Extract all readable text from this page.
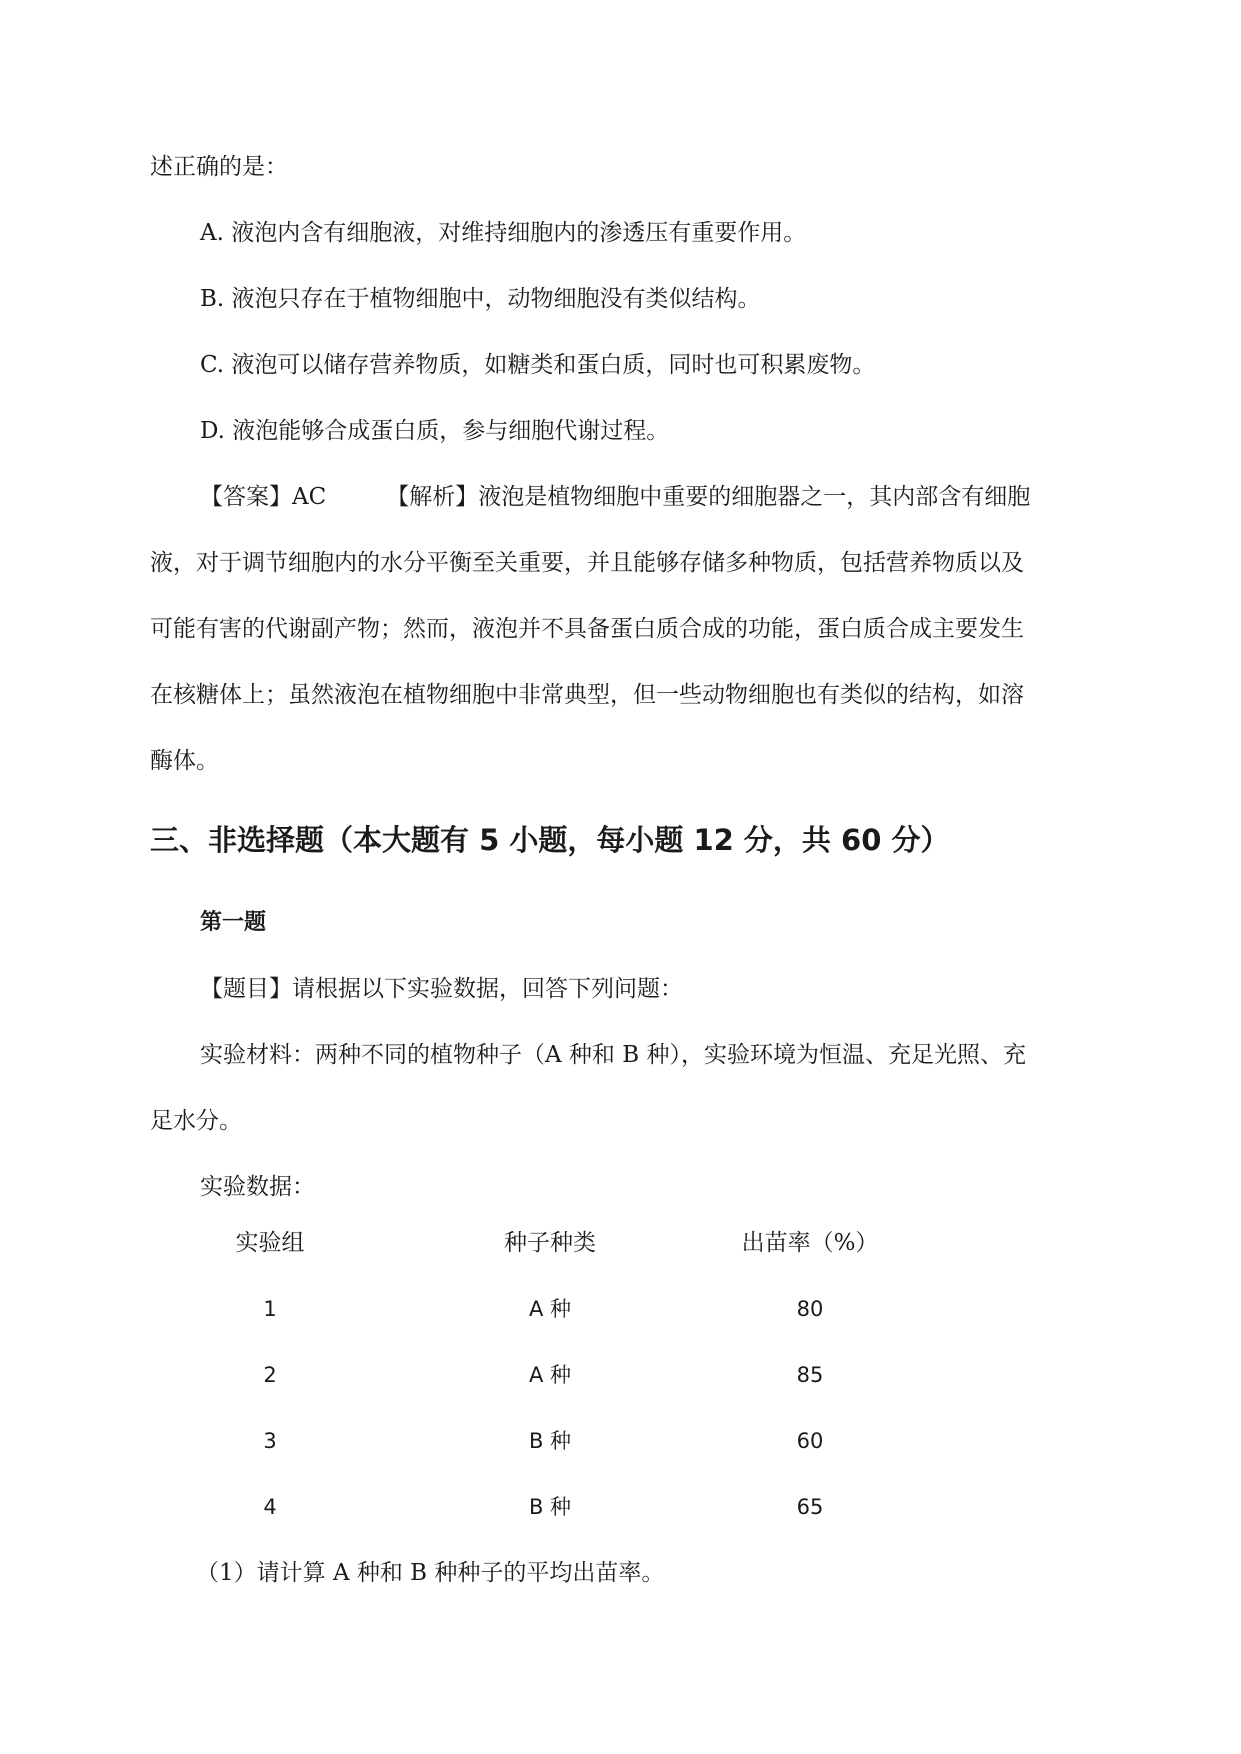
述正确的是：
A. 液泡内含有细胞液，对维持细胞内的渗透压有重要作用。
B. 液泡只存在于植物细胞中，动物细胞没有类似结构。
C. 液泡可以储存营养物质，如糖类和蛋白质，同时也可积累废物。
D. 液泡能够合成蛋白质，参与细胞代谢过程。
【答案】AC	【解析】液泡是植物细胞中重要的细胞器之一，其内部含有细胞
液，对于调节细胞内的水分平衡至关重要，并且能够存储多种物质，包括营养物质以及
可能有害的代谢副产物；然而，液泡并不具备蛋白质合成的功能，蛋白质合成主要发生
在核糖体上；虽然液泡在植物细胞中非常典型，但一些动物细胞也有类似的结构，如溶
酶体。
三、非选择题（本大题有 5 小题，每小题 12 分，共 60 分）
第一题
【题目】请根据以下实验数据，回答下列问题：
实验材料：两种不同的植物种子（A 种和 B 种），实验环境为恒温、充足光照、充
足水分。
实验数据：
实验组	种子种类	出苗率（%）
1	A 种	80
2	A 种	85
3	B 种	60
4	B 种	65
（1）请计算 A 种和 B 种种子的平均出苗率。
